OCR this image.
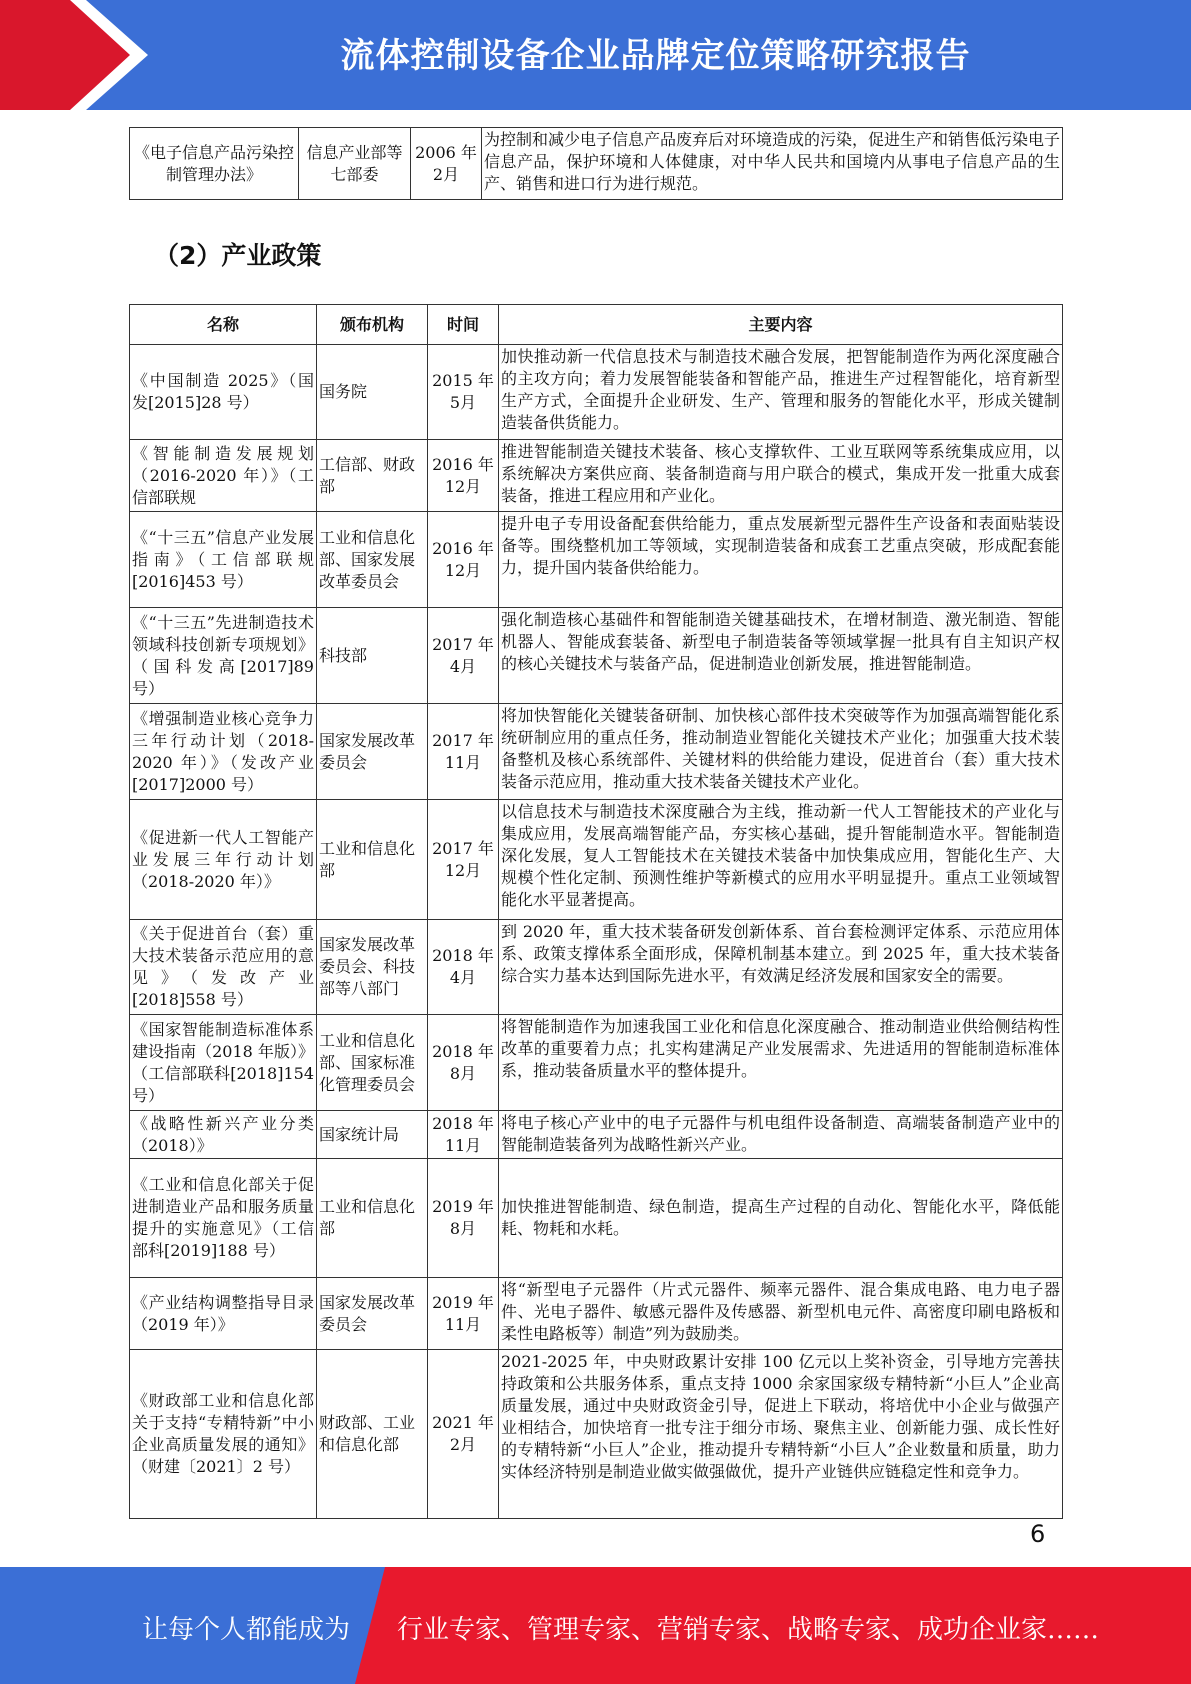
流体控制设备企业品牌定位策略研究报告
《电子信息产品污染控制管理办法》	信息产业部等七部委	2006 年 2月	为控制和减少电子信息产品废弃后对环境造成的污染，促进生产和销售低污染电子信息产品，保护环境和人体健康，对中华人民共和国境内从事电子信息产品的生产、销售和进口行为进行规范。
（2）产业政策
名称	颁布机构	时间	主要内容
《中国制造 2025》（国 发[2015]28 号）	国务院	2015 年 5月	加快推动新一代信息技术与制造技术融合发展，把智能制造作为两化深度融合的主攻方向；着力发展智能装备和智能产品，推进生产过程智能化，培育新型生产方式，全面提升企业研发、生产、管理和服务的智能化水平，形成关键制造装备供货能力。
《智能制造发展规划（2016-2020 年）》（工 信部联规	工信部、财政部	2016 年 12月	推进智能制造关键技术装备、核心支撑软件、工业互联网等系统集成应用，以系统解决方案供应商、装备制造商与用户联合的模式，集成开发一批重大成套装备，推进工程应用和产业化。
《“十三五”信息产业发展指南》（工信部联规[2016]453 号）	工业和信息化部、国家发展改革委员会	2016 年 12月	提升电子专用设备配套供给能力，重点发展新型元器件生产设备和表面贴装设备等。围绕整机加工等领域，实现制造装备和成套工艺重点突破，形成配套能力，提升国内装备供给能力。
《“十三五”先进制造技术领域科技创新专项规划》（国科发高[2017]89 号）	科技部	2017 年 4月	强化制造核心基础件和智能制造关键基础技术，在增材制造、激光制造、智能机器人、智能成套装备、新型电子制造装备等领域掌握一批具有自主知识产权的核心关键技术与装备产品，促进制造业创新发展，推进智能制造。
《增强制造业核心竞争力三年行动计划（2018-2020 年）》（发改产业[2017]2000 号）	国家发展改革委员会	2017 年 11月	将加快智能化关键装备研制、加快核心部件技术突破等作为加强高端智能化系统研制应用的重点任务，推动制造业智能化关键技术产业化；加强重大技术装备整机及核心系统部件、关键材料的供给能力建设，促进首台（套）重大技术装备示范应用，推动重大技术装备关键技术产业化。
《促进新一代人工智能产业发展三年行动计划（2018-2020 年）》	工业和信息化部	2017 年 12月	以信息技术与制造技术深度融合为主线，推动新一代人工智能技术的产业化与集成应用，发展高端智能产品，夯实核心基础，提升智能制造水平。智能制造深化发展，复人工智能技术在关键技术装备中加快集成应用，智能化生产、大规模个性化定制、预测性维护等新模式的应用水平明显提升。重点工业领域智能化水平显著提高。
《关于促进首台（套）重大技术装备示范应用的意见》（发改产业[2018]558 号）	国家发展改革委员会、科技部等八部门	2018 年 4月	到 2020 年，重大技术装备研发创新体系、首台套检测评定体系、示范应用体系、政策支撑体系全面形成，保障机制基本建立。到 2025 年，重大技术装备综合实力基本达到国际先进水平，有效满足经济发展和国家安全的需要。
《国家智能制造标准体系建设指南（2018 年版）》（工信部联科[2018]154 号）	工业和信息化部、国家标准化管理委员会	2018 年 8月	将智能制造作为加速我国工业化和信息化深度融合、推动制造业供给侧结构性改革的重要着力点；扎实构建满足产业发展需求、先进适用的智能制造标准体系，推动装备质量水平的整体提升。
《战略性新兴产业分类（2018）》	国家统计局	2018 年 11月	将电子核心产业中的电子元器件与机电组件设备制造、高端装备制造产业中的智能制造装备列为战略性新兴产业。
《工业和信息化部关于促进制造业产品和服务质量提升的实施意见》（工信部科[2019]188 号）	工业和信息化部	2019 年 8月	加快推进智能制造、绿色制造，提高生产过程的自动化、智能化水平，降低能耗、物耗和水耗。
《产业结构调整指导目录（2019 年）》	国家发展改革委员会	2019 年 11月	将“新型电子元器件（片式元器件、频率元器件、混合集成电路、电力电子器件、光电子器件、敏感元器件及传感器、新型机电元件、高密度印刷电路板和柔性电路板等）制造”列为鼓励类。
《财政部工业和信息化部关于支持“专精特新”中小企业高质量发展的通知》（财建〔2021〕2 号）	财政部、工业和信息化部	2021 年 2月	2021-2025 年，中央财政累计安排 100 亿元以上奖补资金，引导地方完善扶持政策和公共服务体系，重点支持 1000 余家国家级专精特新“小巨人”企业高质量发展，通过中央财政资金引导，促进上下联动，将培优中小企业与做强产业相结合，加快培育一批专注于细分市场、聚焦主业、创新能力强、成长性好的专精特新“小巨人”企业，推动提升专精特新“小巨人”企业数量和质量，助力实体经济特别是制造业做实做强做优，提升产业链供应链稳定性和竞争力。
6
让每个人都能成为 行业专家、管理专家、营销专家、战略专家、成功企业家……
